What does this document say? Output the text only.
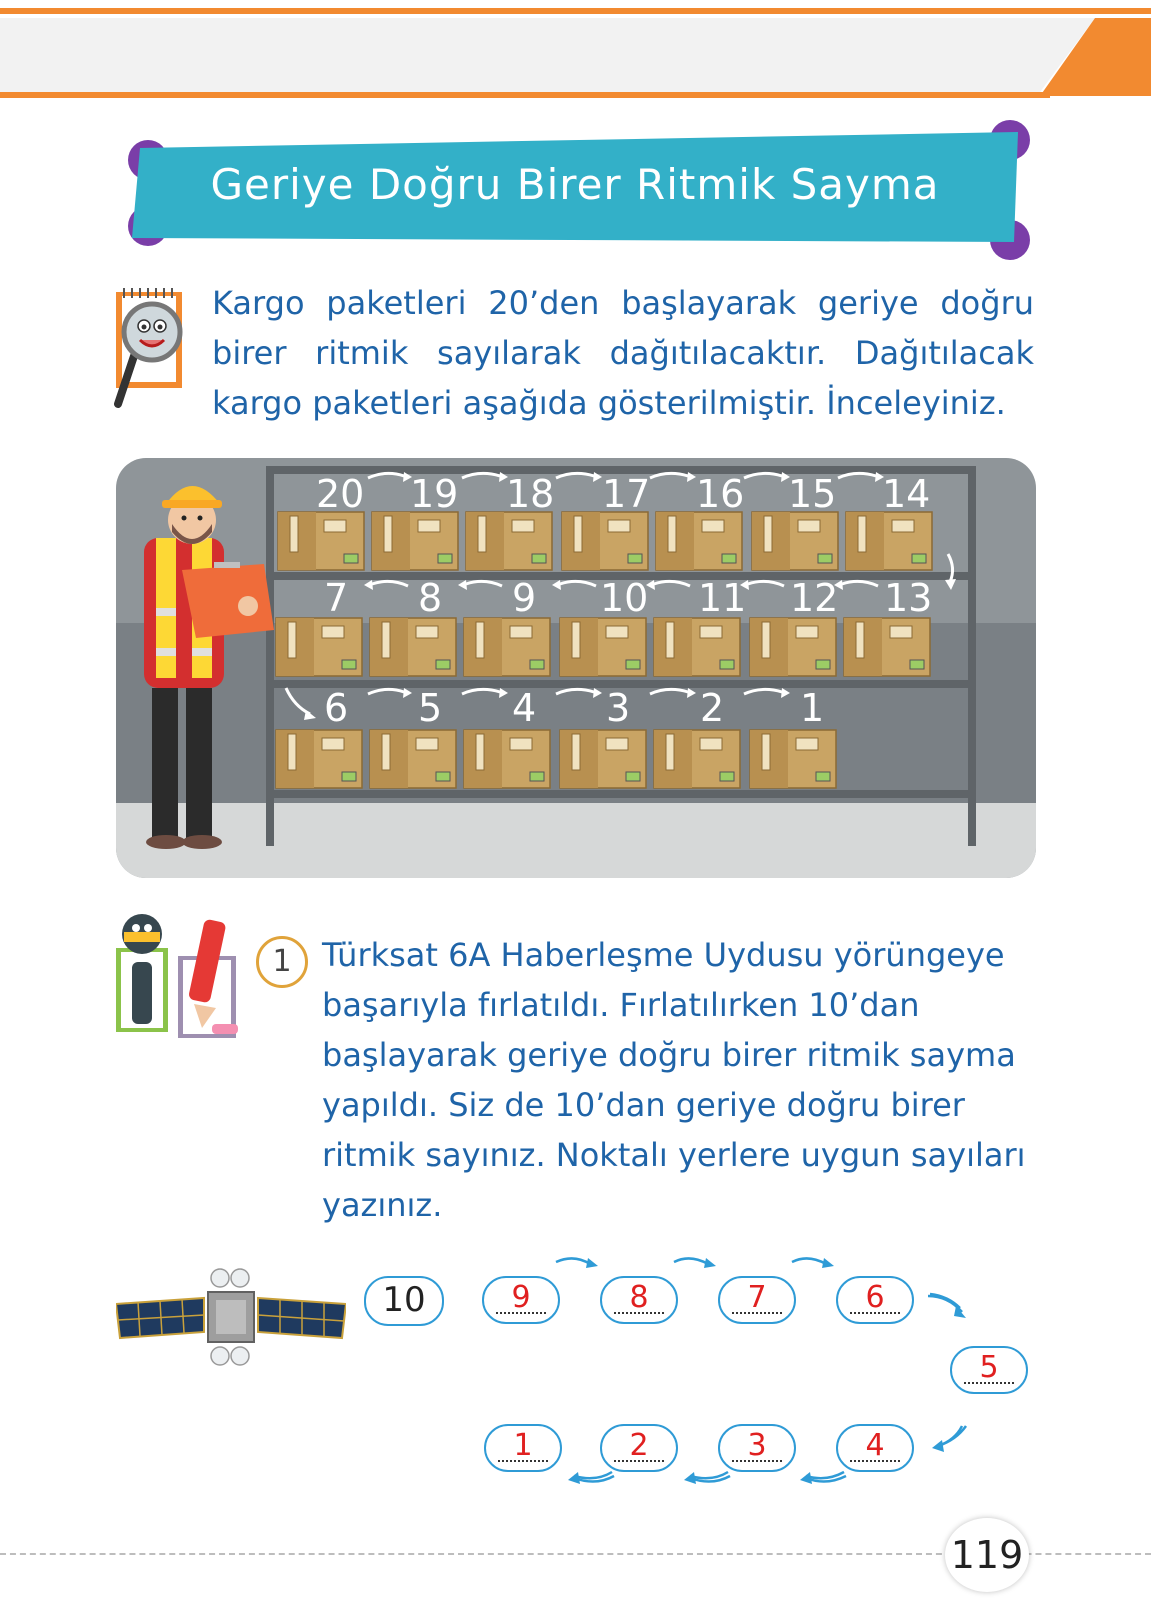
Geriye Doğru Birer Ritmik Sayma
Kargo paketleri 20’den başlayarak geriye doğru birer ritmik sayılarak dağıtılacaktır. Dağıtılacak kargo paketleri aşağıda gösterilmiştir. İnceleyiniz.
20 19 18 17 16 15 14
7 8 9 10 11 12 13
6 5 4 3 2 1
1 Türksat 6A Haberleşme Uydusu yörüngeye başarıyla fırlatıldı. Fırlatılırken 10’dan başlayarak geriye doğru birer ritmik sayma yapıldı. Siz de 10’dan geriye doğru birer ritmik sayınız. Noktalı yerlere uygun sayıları yazınız.
10	9	8	7	6
5
4
3
2
1
119
